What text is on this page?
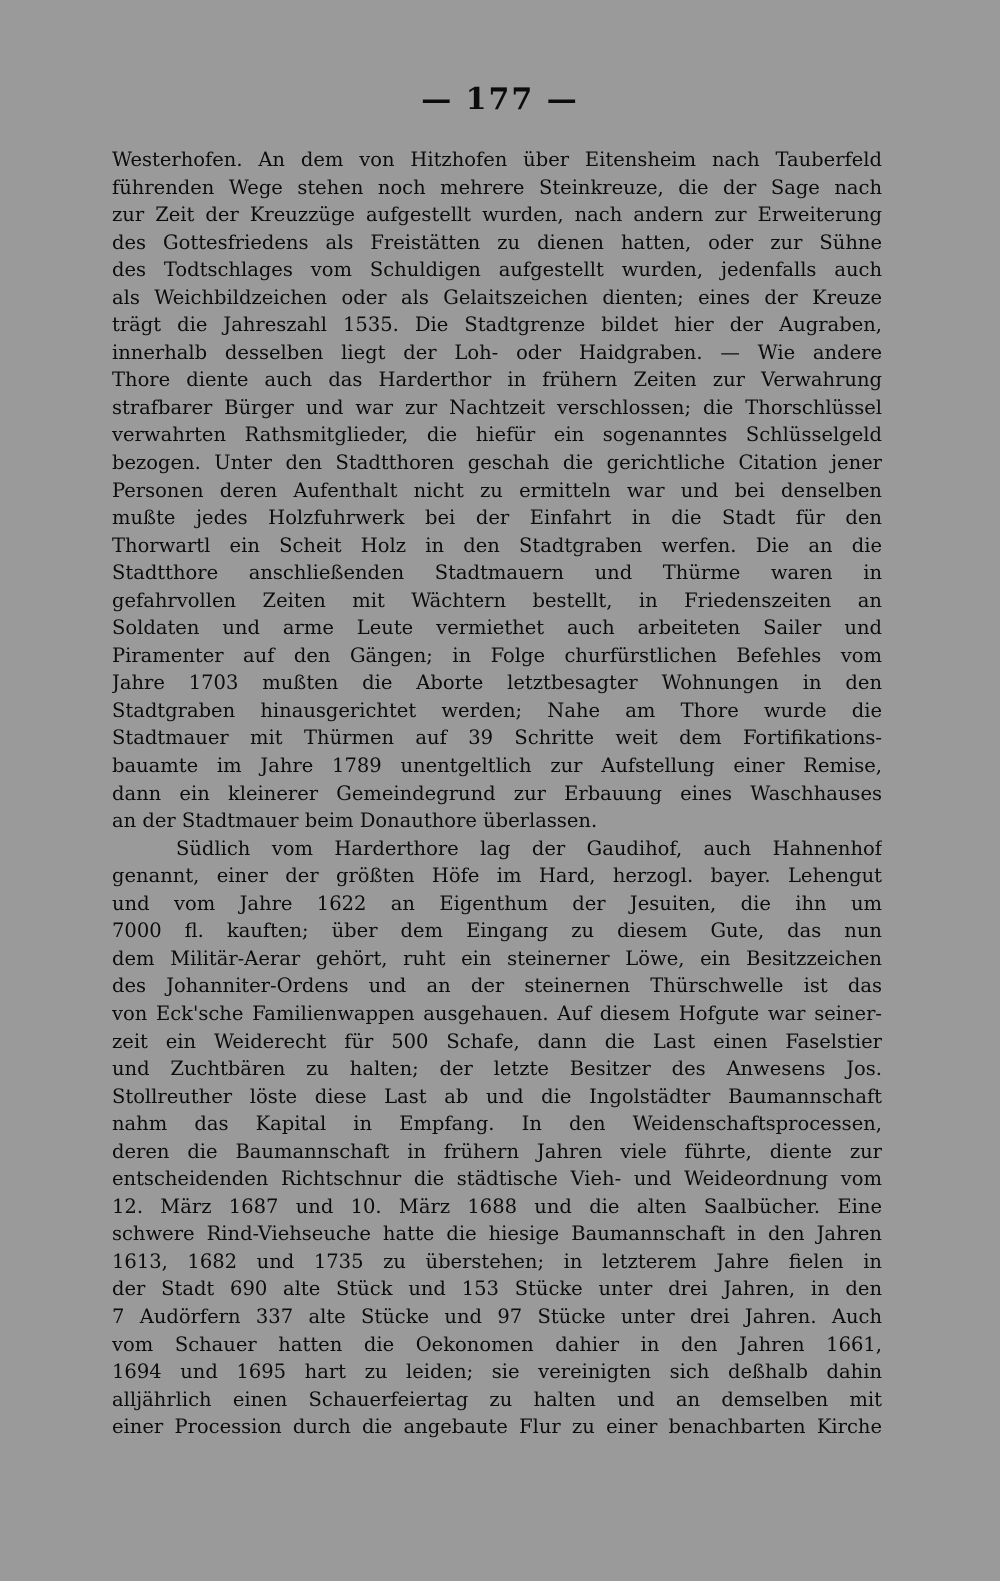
— 177 —
Westerhofen. An dem von Hitzhofen über Eitensheim nach Tauberfeld
führenden Wege stehen noch mehrere Steinkreuze, die der Sage nach
zur Zeit der Kreuzzüge aufgestellt wurden, nach andern zur Erweiterung
des Gottesfriedens als Freistätten zu dienen hatten, oder zur Sühne
des Todtschlages vom Schuldigen aufgestellt wurden, jedenfalls auch
als Weichbildzeichen oder als Gelaitszeichen dienten; eines der Kreuze
trägt die Jahreszahl 1535. Die Stadtgrenze bildet hier der Augraben,
innerhalb desselben liegt der Loh- oder Haidgraben. — Wie andere
Thore diente auch das Harderthor in frühern Zeiten zur Verwahrung
strafbarer Bürger und war zur Nachtzeit verschlossen; die Thorschlüssel
verwahrten Rathsmitglieder, die hiefür ein sogenanntes Schlüsselgeld
bezogen. Unter den Stadtthoren geschah die gerichtliche Citation jener
Personen deren Aufenthalt nicht zu ermitteln war und bei denselben
mußte jedes Holzfuhrwerk bei der Einfahrt in die Stadt für den
Thorwartl ein Scheit Holz in den Stadtgraben werfen. Die an die
Stadtthore anschließenden Stadtmauern und Thürme waren in
gefahrvollen Zeiten mit Wächtern bestellt, in Friedenszeiten an
Soldaten und arme Leute vermiethet auch arbeiteten Sailer und
Piramenter auf den Gängen; in Folge churfürstlichen Befehles vom
Jahre 1703 mußten die Aborte letztbesagter Wohnungen in den
Stadtgraben hinausgerichtet werden; Nahe am Thore wurde die
Stadtmauer mit Thürmen auf 39 Schritte weit dem Fortifikations-
bauamte im Jahre 1789 unentgeltlich zur Aufstellung einer Remise,
dann ein kleinerer Gemeindegrund zur Erbauung eines Waschhauses
an der Stadtmauer beim Donauthore überlassen.
Südlich vom Harderthore lag der Gaudihof, auch Hahnenhof
genannt, einer der größten Höfe im Hard, herzogl. bayer. Lehengut
und vom Jahre 1622 an Eigenthum der Jesuiten, die ihn um
7000 fl. kauften; über dem Eingang zu diesem Gute, das nun
dem Militär-Aerar gehört, ruht ein steinerner Löwe, ein Besitzzeichen
des Johanniter-Ordens und an der steinernen Thürschwelle ist das
von Eck'sche Familienwappen ausgehauen. Auf diesem Hofgute war seiner-
zeit ein Weiderecht für 500 Schafe, dann die Last einen Faselstier
und Zuchtbären zu halten; der letzte Besitzer des Anwesens Jos.
Stollreuther löste diese Last ab und die Ingolstädter Baumannschaft
nahm das Kapital in Empfang. In den Weidenschaftsprocessen,
deren die Baumannschaft in frühern Jahren viele führte, diente zur
entscheidenden Richtschnur die städtische Vieh- und Weideordnung vom
12. März 1687 und 10. März 1688 und die alten Saalbücher. Eine
schwere Rind-Viehseuche hatte die hiesige Baumannschaft in den Jahren
1613, 1682 und 1735 zu überstehen; in letzterem Jahre fielen in
der Stadt 690 alte Stück und 153 Stücke unter drei Jahren, in den
7 Audörfern 337 alte Stücke und 97 Stücke unter drei Jahren. Auch
vom Schauer hatten die Oekonomen dahier in den Jahren 1661,
1694 und 1695 hart zu leiden; sie vereinigten sich deßhalb dahin
alljährlich einen Schauerfeiertag zu halten und an demselben mit
einer Procession durch die angebaute Flur zu einer benachbarten Kirche
